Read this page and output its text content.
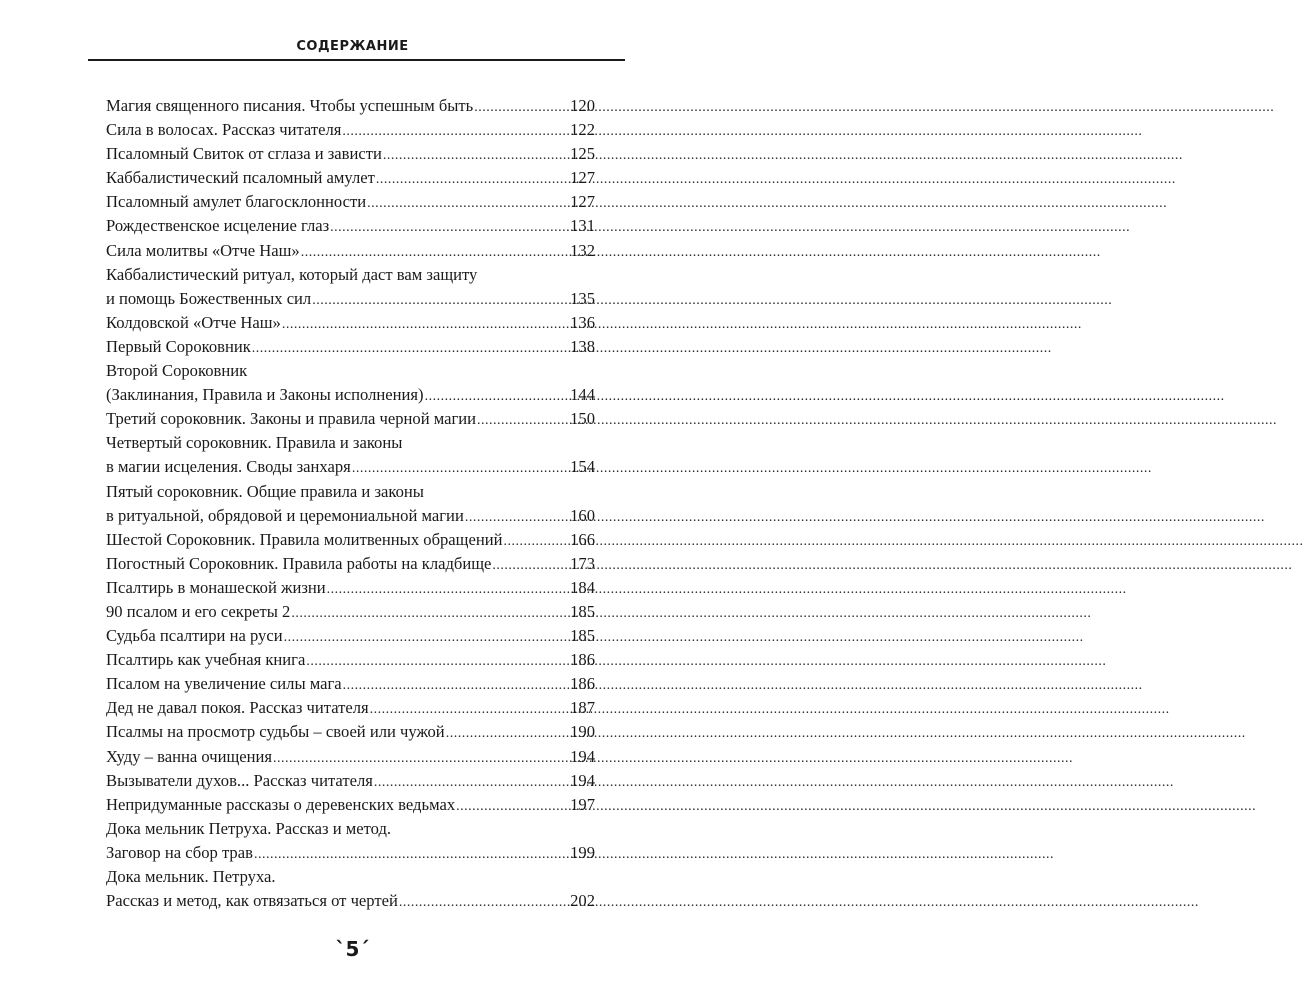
СОДЕРЖАНИЕ
Магия священного писания. Чтобы успешным быть .....	120
Сила в волосах. Рассказ читателя .....	122
Псаломный Свиток от сглаза и зависти .....	125
Каббалистический псаломный амулет .....	127
Псаломный амулет благосклонности .....	127
Рождественское исцеление глаз .....	131
Сила молитвы «Отче Наш» .....	132
Каббалистический ритуал, который даст вам защиту
и помощь Божественных сил .....	135
Колдовской «Отче Наш» .....	136
Первый Сороковник .....	138
Второй Сороковник
(Заклинания, Правила и Законы исполнения) .....	144
Третий сороковник. Законы и правила черной магии .....	150
Четвертый сороковник. Правила и законы
в магии исцеления. Своды занхаря .....	154
Пятый сороковник. Общие правила и законы
в ритуальной, обрядовой и церемониальной магии .....	160
Шестой Сороковник. Правила молитвенных обращений .....	166
Погостный Сороковник. Правила работы на кладбище .....	173
Псалтирь в монашеской жизни .....	184
90 псалом и его секреты 2 .....	185
Судьба псалтири на руси .....	185
Псалтирь как учебная книга .....	186
Псалом на увеличение силы мага .....	186
Дед не давал покоя. Рассказ читателя .....	187
Псалмы на просмотр судьбы – своей или чужой .....	190
Худу – ванна очищения .....	194
Вызыватели духов... Рассказ читателя .....	194
Непридуманные рассказы о деревенских ведьмах .....	197
Дока мельник Петруха. Рассказ и метод.
Заговор на сбор трав .....	199
Дока мельник. Петруха.
Рассказ и метод, как отвязаться от чертей .....	202
`5´
